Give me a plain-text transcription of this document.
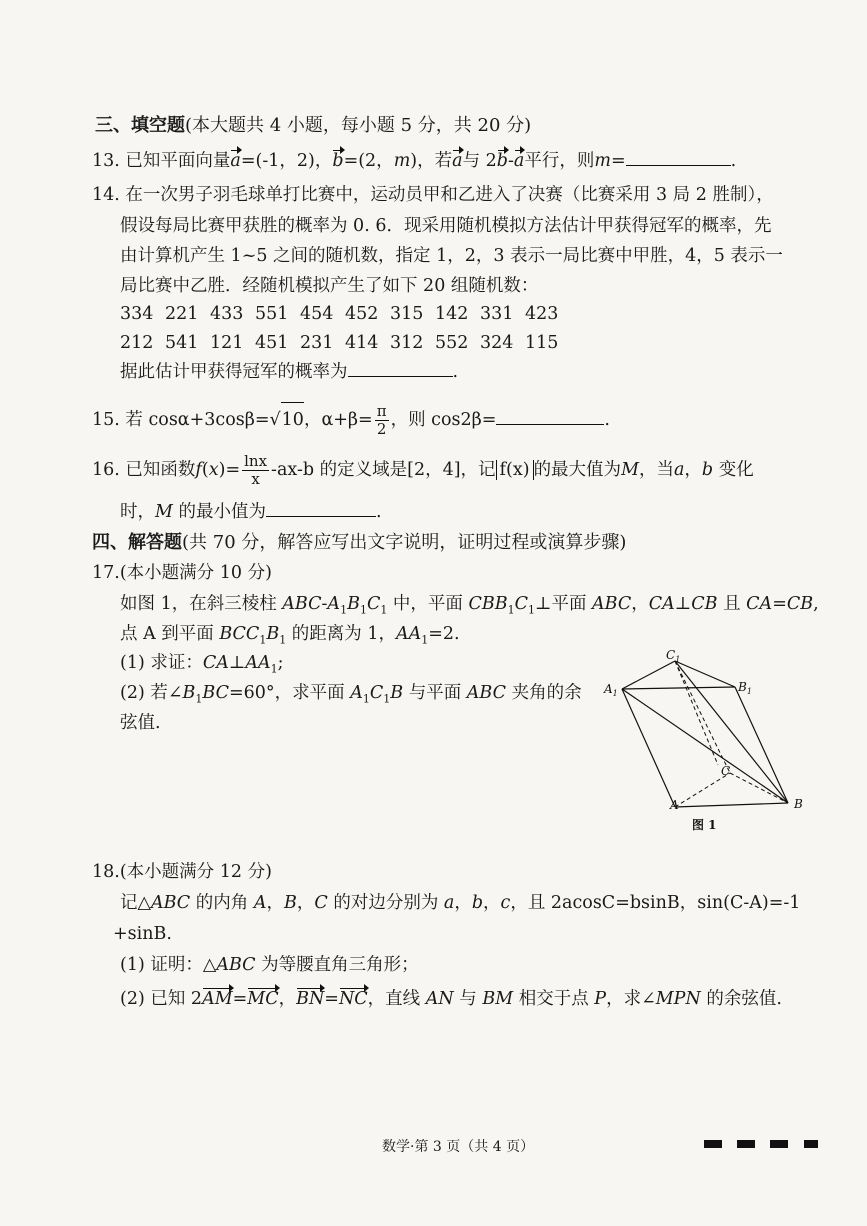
三、填空题(本大题共 4 小题，每小题 5 分，共 20 分)
13. 已知平面向量a=(-1，2)，b=(2，m)，若a与 2b-a平行，则m=	.
14. 在一次男子羽毛球单打比赛中，运动员甲和乙进入了决赛（比赛采用 3 局 2 胜制），
假设每局比赛甲获胜的概率为 0. 6．现采用随机模拟方法估计甲获得冠军的概率，先
由计算机产生 1~5 之间的随机数，指定 1，2，3 表示一局比赛中甲胜，4，5 表示一
局比赛中乙胜．经随机模拟产生了如下 20 组随机数：
334 221 433 551 454 452 315 142 331 423
212 541 121 451 231 414 312 552 324 115
据此估计甲获得冠军的概率为	.
15. 若 cosα+3cosβ=√10，$\alpha+\beta= \frac{\pi}{2}$ ，则 cos2β=	.
16. 已知函数$f(x)= \frac{\ln x}{x} -ax-b$ 的定义域是[2，4]，记 f(x) 的最大值为M，当a，b 变化
时，M 的最小值为	.
四、解答题(共 70 分，解答应写出文字说明，证明过程或演算步骤)
17.(本小题满分 10 分)
如图 1，在斜三棱柱 ABC-$A_1B_1C_1$ 中，平面 $CBB_1C_1\perp$平面 ABC，CA⊥CB 且 CA=CB,
点 A 到平面 $BCC_1B_1$ 的距离为 1，$AA_1=2$.
(1) 求证：$CA\perp AA_1$;
(2) 若$\angle B_1BC=60^\circ$，求平面 $A_1C_1B$ 与平面 ABC 夹角的余
弦值.
$C_1$
$B_1$
$A_1$
C
A	B
图 1
18.(本小题满分 12 分)
记△ABC 的内角 A，B，C 的对边分别为 a，b，c，且 2acosC=bsinB，sin(C-A)=-1
+sinB.
(1) 证明：△ABC 为等腰直角三角形；
(2) 已知 2AM=MC，BN=NC，直线 AN 与 BM 相交于点 P，求∠MPN 的余弦值.
数学·第 3 页（共 4 页）
